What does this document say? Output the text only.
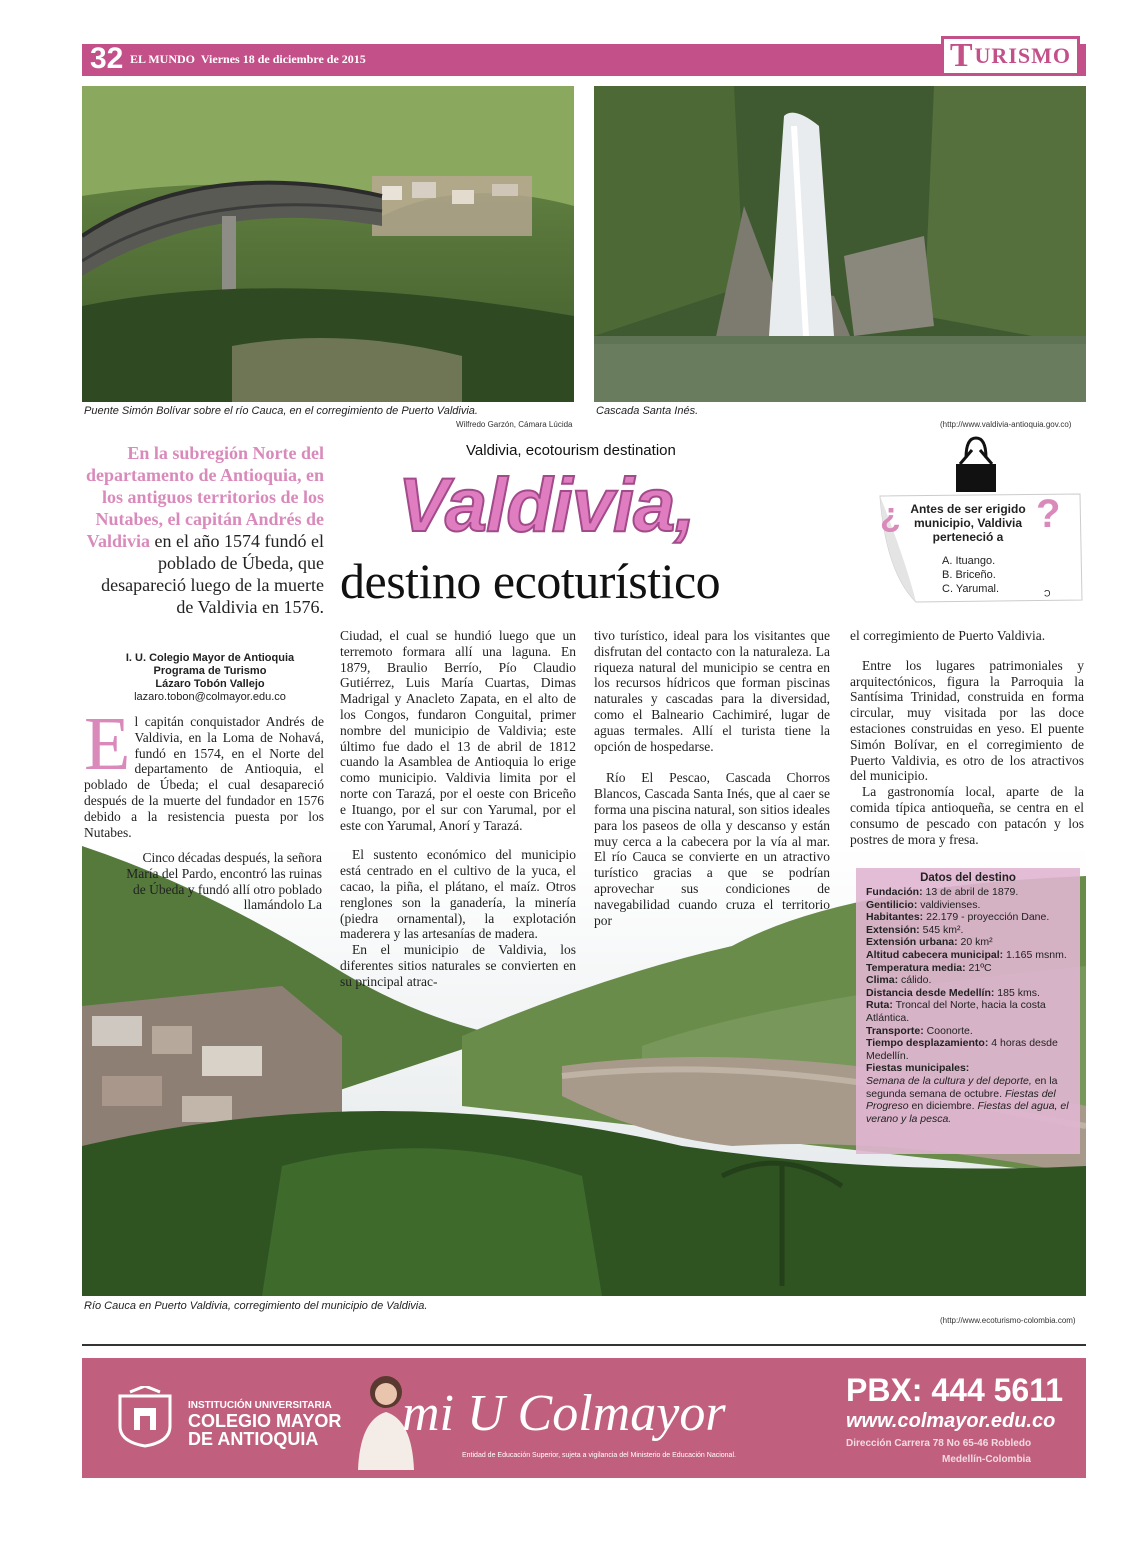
32 EL MUNDO Viernes 18 de diciembre de 2015	T URISMO
Puente Simón Bolívar sobre el río Cauca, en el corregimiento de Puerto Valdivia.
Wilfredo Garzón, Cámara Lúcida
Cascada Santa Inés.
(http://www.valdivia-antioquia.gov.co)
Río Cauca en Puerto Valdivia, corregimiento del municipio de Valdivia.
(http://www.ecoturismo-colombia.com)
Valdivia, ecotourism destination
Valdivia,
destino ecoturístico
En la subregión Norte del departamento de Antioquia, en los antiguos territorios de los Nutabes, el capitán Andrés de Valdivia en el año 1574 fundó el poblado de Úbeda, que desapareció luego de la muerte de Valdivia en 1576.
I. U. Colegio Mayor de Antioquia
Programa de Turismo
Lázaro Tobón Vallejo
lazaro.tobon@colmayor.edu.co

El capitán conquistador Andrés de Valdivia, en la Loma de Nohavá, fundó en 1574, en el Norte del departamento de Antioquia, el poblado de Úbeda; el cual desapareció después de la muerte del fundador en 1576 debido a la resistencia puesta por los Nutabes.

Cinco décadas después, la señora María del Pardo, encontró las ruinas de Úbeda y fundó allí otro poblado llamándolo La

Ciudad, el cual se hundió luego que un terremoto formara allí una laguna. En 1879, Braulio Berrío, Pío Claudio Gutiérrez, Luis María Cuartas, Dimas Madrigal y Anacleto Zapata, en el alto de los Congos, fundaron Conguital, primer nombre del municipio de Valdivia; este último fue dado el 13 de abril de 1812 cuando la Asamblea de Antioquia lo erige como municipio. Valdivia limita por el norte con Tarazá, por el oeste con Briceño e Ituango, por el sur con Yarumal, por el este con Yarumal, Anorí y Tarazá.

El sustento económico del municipio está centrado en el cultivo de la yuca, el cacao, la piña, el plátano, el maíz. Otros renglones son la ganadería, la minería (piedra ornamental), la explotación maderera y las artesanías de madera.

En el municipio de Valdivia, los diferentes sitios naturales se convierten en su principal atrac-

tivo turístico, ideal para los visitantes que disfrutan del contacto con la naturaleza. La riqueza natural del municipio se centra en los recursos hídricos que forman piscinas naturales y cascadas para la diversidad, como el Balneario Cachimiré, lugar de aguas termales. Allí el turista tiene la opción de hospedarse.

Río El Pescao, Cascada Chorros Blancos, Cascada Santa Inés, que al caer se forma una piscina natural, son sitios ideales para los paseos de olla y descanso y están muy cerca a la cabecera por la vía al mar. El río Cauca se convierte en un atractivo turístico gracias a que se podrían aprovechar sus condiciones de navegabilidad cuando cruza el territorio por

el corregimiento de Puerto Valdivia.

Entre los lugares patrimoniales y arquitectónicos, figura la Parroquia la Santísima Trinidad, construida en forma circular, muy visitada por las doce estaciones construidas en yeso. El puente Simón Bolívar, en el corregimiento de Puerto Valdivia, es otro de los atractivos del municipio.

La gastronomía local, aparte de la comida típica antioqueña, se centra en el consumo de pescado con patacón y los postres de mora y fresa.

¿	?
Antes de ser erigido municipio, Valdivia perteneció a
A. Ituango.
B. Briceño.
C. Yarumal.	C
Datos del destino
Fundación: 13 de abril de 1879.
Gentilicio: valdivienses.
Habitantes: 22.179 - proyección Dane.
Extensión: 545 km².
Extensión urbana: 20 km²
Altitud cabecera municipal: 1.165 msnm.
Temperatura media: 21ºC
Clima: cálido.
Distancia desde Medellín: 185 kms.
Ruta: Troncal del Norte, hacia la costa Atlántica.
Transporte: Coonorte.
Tiempo desplazamiento: 4 horas desde Medellín.
Fiestas municipales:
Semana de la cultura y del deporte, en la segunda semana de octubre. Fiestas del Progreso en diciembre. Fiestas del agua, el verano y la pesca.
INSTITUCIÓN UNIVERSITARIA
COLEGIO MAYOR
DE ANTIOQUIA mi U Colmayor
Entidad de Educación Superior, sujeta a vigilancia del Ministerio de Educación Nacional.
PBX: 444 5611
www.colmayor.edu.co
Dirección Carrera 78 No 65-46 Robledo
Medellín-Colombia
